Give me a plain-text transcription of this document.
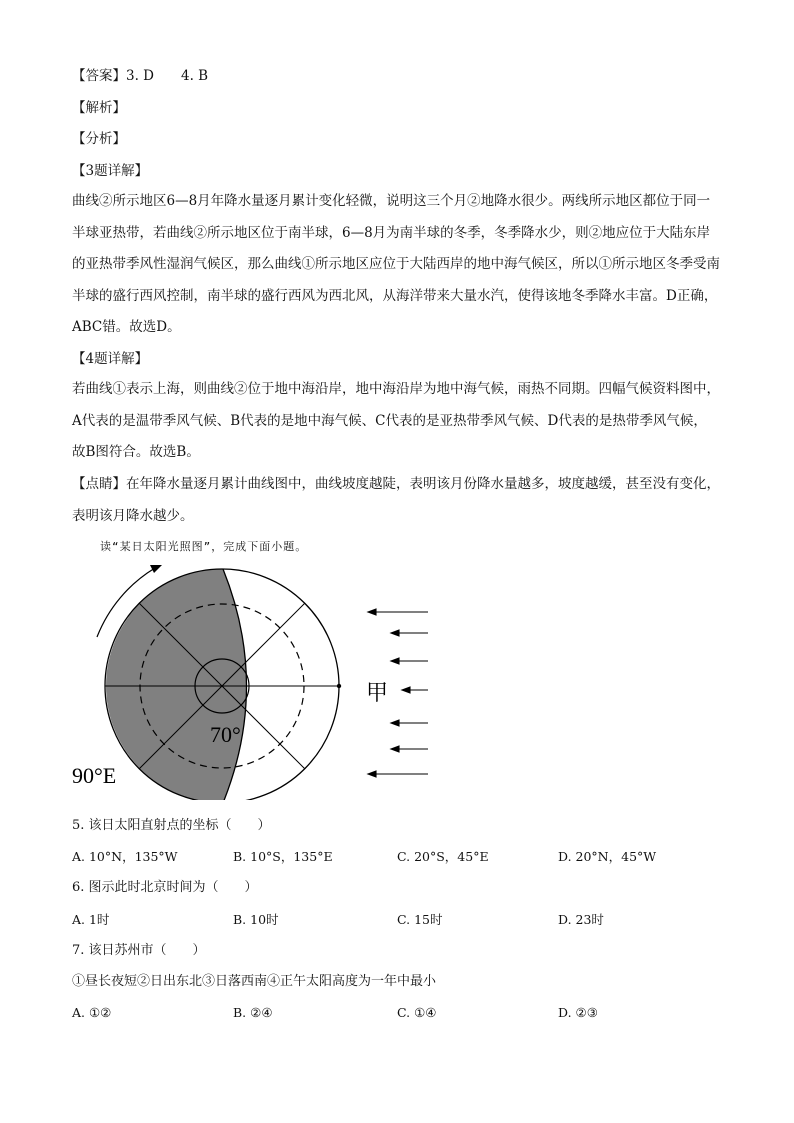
【答案】3. D　　4. B
【解析】
【分析】
【3题详解】
曲线②所示地区6—8月年降水量逐月累计变化轻微，说明这三个月②地降水很少。两线所示地区都位于同一半球亚热带，若曲线②所示地区位于南半球，6—8月为南半球的冬季，冬季降水少，则②地应位于大陆东岸的亚热带季风性湿润气候区，那么曲线①所示地区应位于大陆西岸的地中海气候区，所以①所示地区冬季受南半球的盛行西风控制，南半球的盛行西风为西北风，从海洋带来大量水汽，使得该地冬季降水丰富。D正确，ABC错。故选D。
【4题详解】
若曲线①表示上海，则曲线②位于地中海沿岸，地中海沿岸为地中海气候，雨热不同期。四幅气候资料图中，A代表的是温带季风气候、B代表的是地中海气候、C代表的是亚热带季风气候、D代表的是热带季风气候，故B图符合。故选B。
【点睛】在年降水量逐月累计曲线图中，曲线坡度越陡，表明该月份降水量越多，坡度越缓，甚至没有变化，表明该月降水越少。
读“某日太阳光照图”，完成下面小题。
甲
70°
90°E
5. 该日太阳直射点的坐标（　　）
A. 10°N，135°W	B. 10°S，135°E	C. 20°S，45°E	D. 20°N，45°W
6. 图示此时北京时间为（　　）
A. 1时	B. 10时	C. 15时	D. 23时
7. 该日苏州市（　　）
①昼长夜短②日出东北③日落西南④正午太阳高度为一年中最小
A. ①②	B. ②④	C. ①④	D. ②③
